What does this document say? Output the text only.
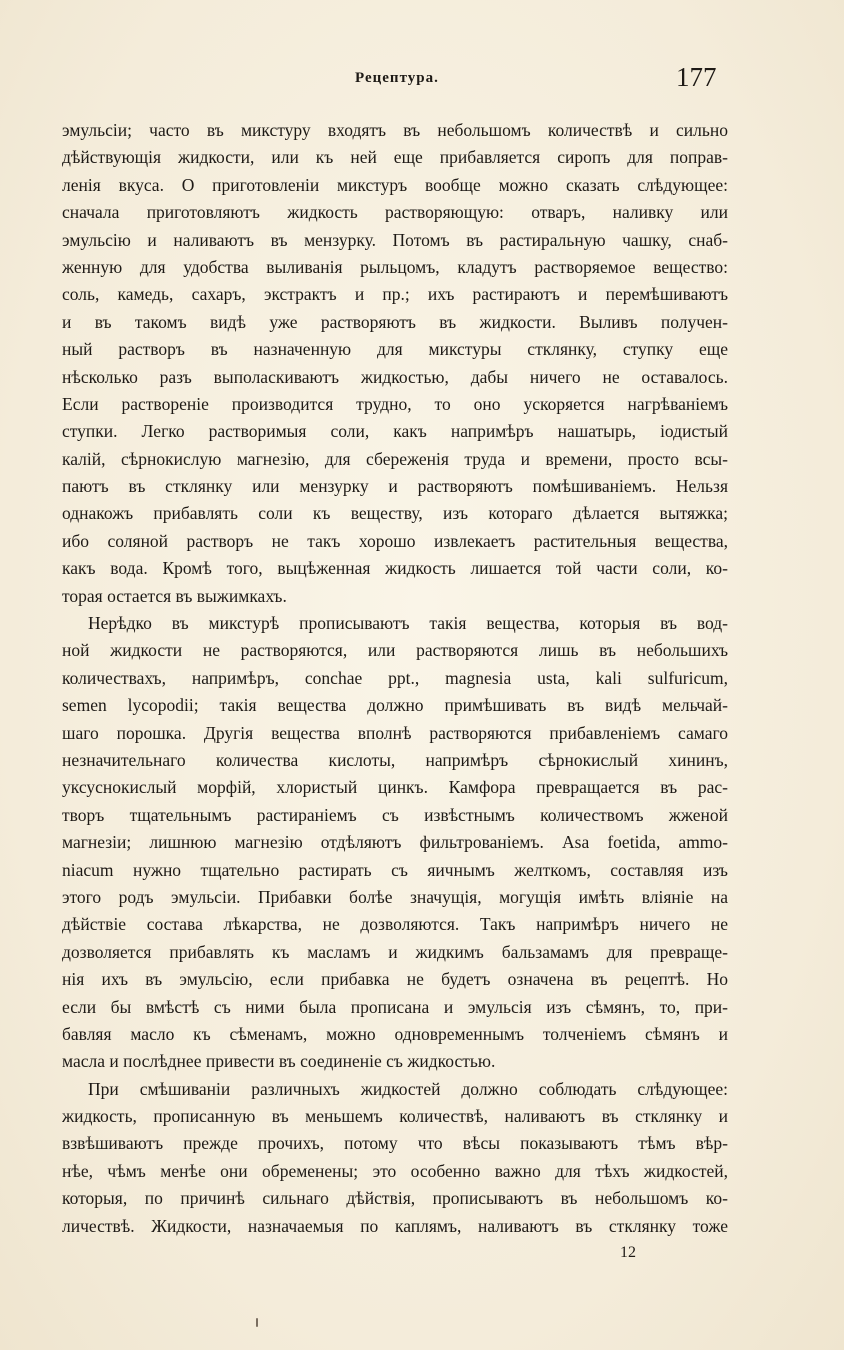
Рецептура.	177
эмульсіи; часто въ микстуру входятъ въ небольшомъ количествѣ и сильно
дѣйствующія жидкости, или къ ней еще прибавляется сиропъ для поправ-
ленія вкуса. О приготовленіи микстуръ вообще можно сказать слѣдующее:
сначала приготовляютъ жидкость растворяющую: отваръ, наливку или
эмульсію и наливаютъ въ мензурку. Потомъ въ растиральную чашку, снаб-
женную для удобства выливанія рыльцомъ, кладутъ растворяемое вещество:
соль, камедь, сахаръ, экстрактъ и пр.; ихъ растираютъ и перемѣшиваютъ
и въ такомъ видѣ уже растворяютъ въ жидкости. Выливъ получен-
ный растворъ въ назначенную для микстуры стклянку, ступку еще
нѣсколько разъ выполаскиваютъ жидкостью, дабы ничего не оставалось.
Если раствореніе производится трудно, то оно ускоряется нагрѣваніемъ
ступки. Легко растворимыя соли, какъ напримѣръ нашатырь, іодистый
калій, сѣрнокислую магнезію, для сбереженія труда и времени, просто всы-
паютъ въ стклянку или мензурку и растворяютъ помѣшиваніемъ. Нельзя
однакожъ прибавлять соли къ веществу, изъ котораго дѣлается вытяжка;
ибо соляной растворъ не такъ хорошо извлекаетъ растительныя вещества,
какъ вода. Кромѣ того, выцѣженная жидкость лишается той части соли, ко-
торая остается въ выжимкахъ.
Нерѣдко въ микстурѣ прописываютъ такія вещества, которыя въ вод-
ной жидкости не растворяются, или растворяются лишь въ небольшихъ
количествахъ, напримѣръ, conchae ppt., magnesia usta, kali sulfuricum,
semen lycopodii; такія вещества должно примѣшивать въ видѣ мельчай-
шаго порошка. Другія вещества вполнѣ растворяются прибавленіемъ самаго
незначительнаго количества кислоты, напримѣръ сѣрнокислый хининъ,
уксуснокислый морфій, хлористый цинкъ. Камфора превращается въ рас-
творъ тщательнымъ растираніемъ съ извѣстнымъ количествомъ жженой
магнезіи; лишнюю магнезію отдѣляютъ фильтрованіемъ. Asa foetida, ammo-
niacum нужно тщательно растирать съ яичнымъ желткомъ, составляя изъ
этого родъ эмульсіи. Прибавки болѣе значущія, могущія имѣть вліяніе на
дѣйствіе состава лѣкарства, не дозволяются. Такъ напримѣръ ничего не
дозволяется прибавлять къ масламъ и жидкимъ бальзамамъ для превраще-
нія ихъ въ эмульсію, если прибавка не будетъ означена въ рецептѣ. Но
если бы вмѣстѣ съ ними была прописана и эмульсія изъ сѣмянъ, то, при-
бавляя масло къ сѣменамъ, можно одновременнымъ толченіемъ сѣмянъ и
масла и послѣднее привести въ соединеніе съ жидкостью.
При смѣшиваніи различныхъ жидкостей должно соблюдать слѣдующее:
жидкость, прописанную въ меньшемъ количествѣ, наливаютъ въ стклянку и
взвѣшиваютъ прежде прочихъ, потому что вѣсы показываютъ тѣмъ вѣр-
нѣе, чѣмъ менѣе они обременены; это особенно важно для тѣхъ жидкостей,
которыя, по причинѣ сильнаго дѣйствія, прописываютъ въ небольшомъ ко-
личествѣ. Жидкости, назначаемыя по каплямъ, наливаютъ въ стклянку тоже
12
